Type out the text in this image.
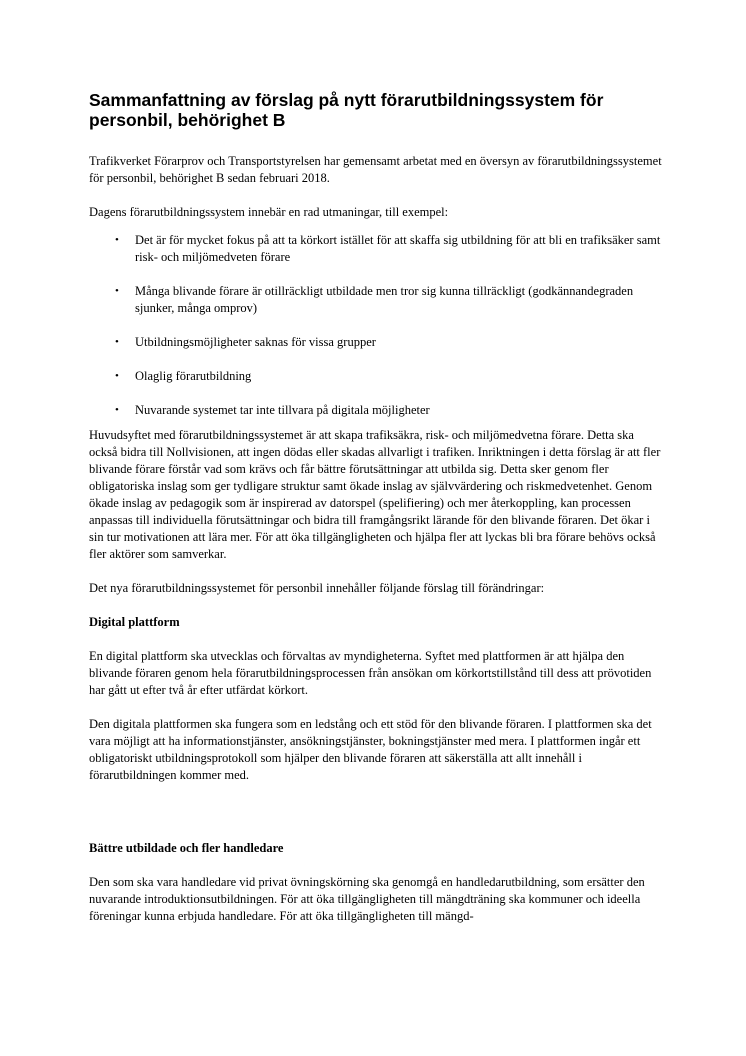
Sammanfattning av förslag på nytt förarutbildningssystem för personbil, behörighet B

Trafikverket Förarprov och Transportstyrelsen har gemensamt arbetat med en översyn av förarutbildningssystemet för personbil, behörighet B sedan februari 2018.

Dagens förarutbildningssystem innebär en rad utmaningar, till exempel:

• Det är för mycket fokus på att ta körkort istället för att skaffa sig utbildning för att bli en trafiksäker samt risk- och miljömedveten förare
• Många blivande förare är otillräckligt utbildade men tror sig kunna tillräckligt (godkännandegraden sjunker, många omprov)
• Utbildningsmöjligheter saknas för vissa grupper
• Olaglig förarutbildning
• Nuvarande systemet tar inte tillvara på digitala möjligheter

Huvudsyftet med förarutbildningssystemet är att skapa trafiksäkra, risk- och miljömedvetna förare. Detta ska också bidra till Nollvisionen, att ingen dödas eller skadas allvarligt i trafiken. Inriktningen i detta förslag är att fler blivande förare förstår vad som krävs och får bättre förutsättningar att utbilda sig. Detta sker genom fler obligatoriska inslag som ger tydligare struktur samt ökade inslag av självvärdering och riskmedvetenhet. Genom ökade inslag av pedagogik som är inspirerad av datorspel (spelifiering) och mer återkoppling, kan processen anpassas till individuella förutsättningar och bidra till framgångsrikt lärande för den blivande föraren. Det ökar i sin tur motivationen att lära mer. För att öka tillgängligheten och hjälpa fler att lyckas bli bra förare behövs också fler aktörer som samverkar.

Det nya förarutbildningssystemet för personbil innehåller följande förslag till förändringar:

Digital plattform

En digital plattform ska utvecklas och förvaltas av myndigheterna. Syftet med plattformen är att hjälpa den blivande föraren genom hela förarutbildningsprocessen från ansökan om körkortstillstånd till dess att prövotiden har gått ut efter två år efter utfärdat körkort.

Den digitala plattformen ska fungera som en ledstång och ett stöd för den blivande föraren. I plattformen ska det vara möjligt att ha informationstjänster, ansökningstjänster, bokningstjänster med mera. I plattformen ingår ett obligatoriskt utbildningsprotokoll som hjälper den blivande föraren att säkerställa att allt innehåll i förarutbildningen kommer med.

Bättre utbildade och fler handledare

Den som ska vara handledare vid privat övningskörning ska genomgå en handledarutbildning, som ersätter den nuvarande introduktionsutbildningen. För att öka tillgängligheten till mängdträning ska kommuner och ideella föreningar kunna erbjuda handledare. För att öka tillgängligheten till mängd-
